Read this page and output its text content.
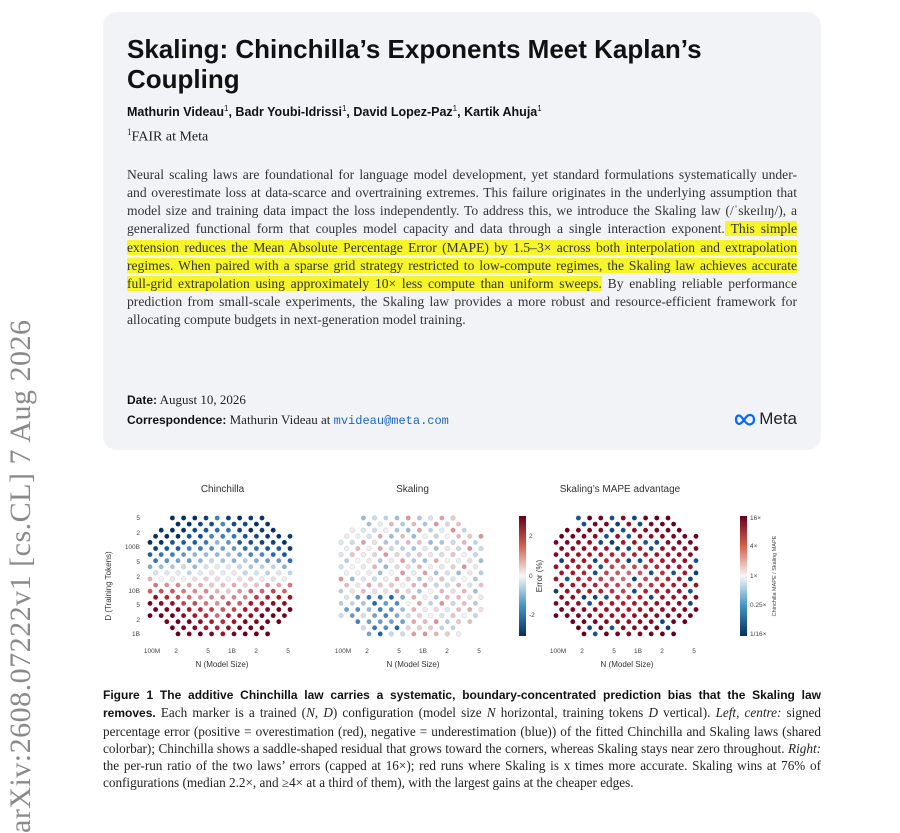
arXiv:2608.07222v1 [cs.CL] 7 Aug 2026
Skaling: Chinchilla’s Exponents Meet Kaplan’s Coupling
Mathurin Videau$^1$, Badr Youbi-Idrissi$^1$, David Lopez-Paz$^1$, Kartik Ahuja$^1$
$^1$FAIR at Meta

Neural scaling laws are foundational for language model development, yet standard formulations systematically under- and overestimate loss at data-scarce and overtraining extremes. This failure originates in the underlying assumption that model size and training data impact the loss independently. To address this, we introduce the Skaling law (/ˈskeɪlɪŋ/), a generalized functional form that couples model capacity and data through a single interaction exponent. This simple extension reduces the Mean Absolute Percentage Error (MAPE) by 1.5–3× across both interpolation and extrapolation regimes. When paired with a sparse grid strategy restricted to low-compute regimes, the Skaling law achieves accurate full-grid extrapolation using approximately 10× less compute than uniform sweeps. By enabling reliable performance prediction from small-scale experiments, the Skaling law provides a more robust and resource-efficient framework for allocating compute budgets in next-generation model training.

Date: August 10, 2026
Correspondence: Mathurin Videau at mvideau@meta.com	Meta
Chinchilla	Skaling	Skaling’s MAPE advantage
D (Training Tokens)
5
2
100B
5
2
10B
5
2
1B
100M 2	5	1B	2	5	100M 2	5	1B	2	5	100M 2	5	1B	2	5
N (Model Size)	N (Model Size)	N (Model Size)
2
0
-2
Error (%)
16×
4×
1×
0.25×
1/16×
Chinchilla MAPE / Skaling MAPE
Figure 1 The additive Chinchilla law carries a systematic, boundary-concentrated prediction bias that the Skaling law removes. Each marker is a trained (N, D) configuration (model size N horizontal, training tokens D vertical). Left, centre: signed percentage error (positive = overestimation (red), negative = underestimation (blue)) of the fitted Chinchilla and Skaling laws (shared colorbar); Chinchilla shows a saddle-shaped residual that grows toward the corners, whereas Skaling stays near zero throughout. Right: the per-run ratio of the two laws’ errors (capped at 16×); red runs where Skaling is x times more accurate. Skaling wins at 76% of configurations (median 2.2×, and ≥4× at a third of them), with the largest gains at the cheaper edges.
